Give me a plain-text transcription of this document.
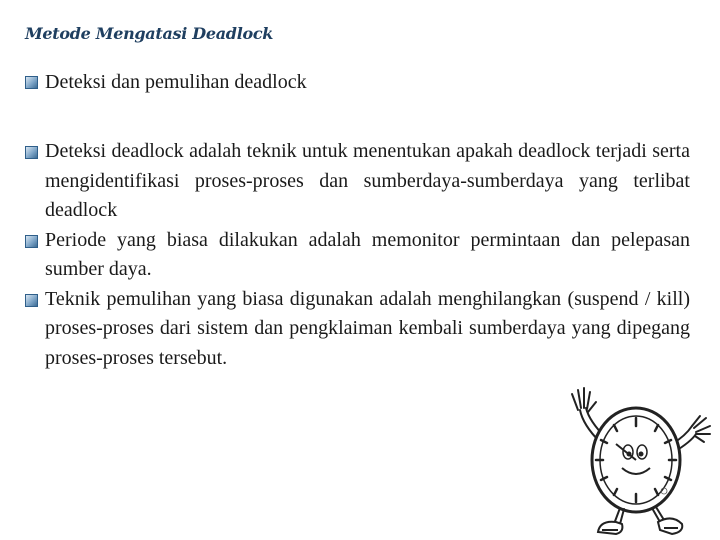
Metode Mengatasi Deadlock
Deteksi dan pemulihan deadlock
Deteksi deadlock adalah teknik untuk menentukan apakah deadlock terjadi serta mengidentifikasi proses-proses dan sumberdaya-sumberdaya yang terlibat deadlock
Periode yang biasa dilakukan adalah memonitor permintaan dan pelepasan sumber daya.
Teknik pemulihan yang biasa digunakan adalah menghilangkan (suspend / kill) proses-proses dari sistem dan pengklaiman kembali sumberdaya yang dipegang proses-proses tersebut.
